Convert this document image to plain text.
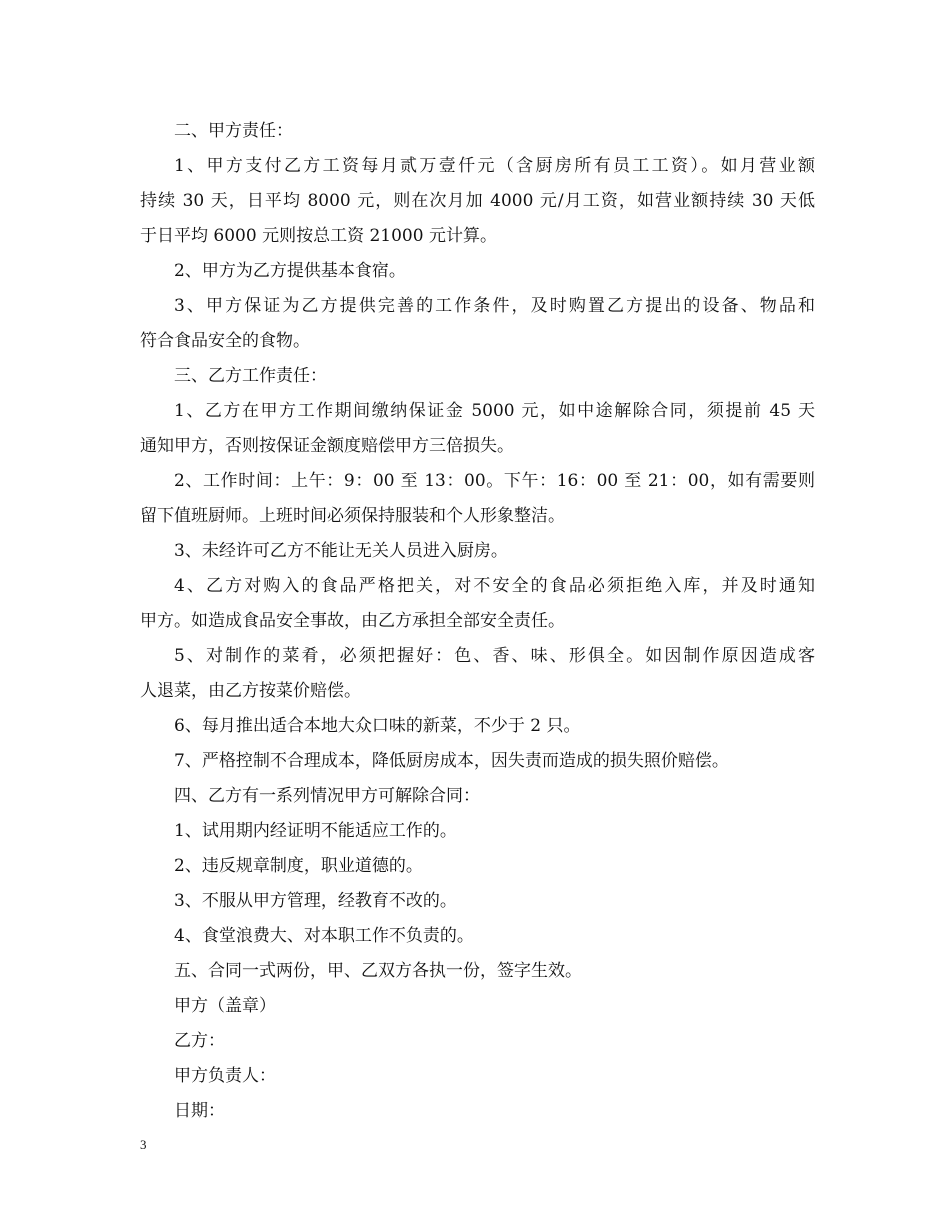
二、甲方责任：
1、甲方支付乙方工资每月贰万壹仟元（含厨房所有员工工资）。如月营业额
持续 30 天，日平均 8000 元，则在次月加 4000 元/月工资，如营业额持续 30 天低
于日平均 6000 元则按总工资 21000 元计算。
2、甲方为乙方提供基本食宿。
3、甲方保证为乙方提供完善的工作条件，及时购置乙方提出的设备、物品和
符合食品安全的食物。
三、乙方工作责任：
1、乙方在甲方工作期间缴纳保证金 5000 元，如中途解除合同，须提前 45 天
通知甲方，否则按保证金额度赔偿甲方三倍损失。
2、工作时间：上午：9：00 至 13：00。下午：16：00 至 21：00，如有需要则
留下值班厨师。上班时间必须保持服装和个人形象整洁。
3、未经许可乙方不能让无关人员进入厨房。
4、乙方对购入的食品严格把关，对不安全的食品必须拒绝入库，并及时通知
甲方。如造成食品安全事故，由乙方承担全部安全责任。
5、对制作的菜肴，必须把握好：色、香、味、形俱全。如因制作原因造成客
人退菜，由乙方按菜价赔偿。
6、每月推出适合本地大众口味的新菜，不少于 2 只。
7、严格控制不合理成本，降低厨房成本，因失责而造成的损失照价赔偿。
四、乙方有一系列情况甲方可解除合同：
1、试用期内经证明不能适应工作的。
2、违反规章制度，职业道德的。
3、不服从甲方管理，经教育不改的。
4、食堂浪费大、对本职工作不负责的。
五、合同一式两份，甲、乙双方各执一份，签字生效。
甲方（盖章）
乙方：
甲方负责人：
日期：
3
